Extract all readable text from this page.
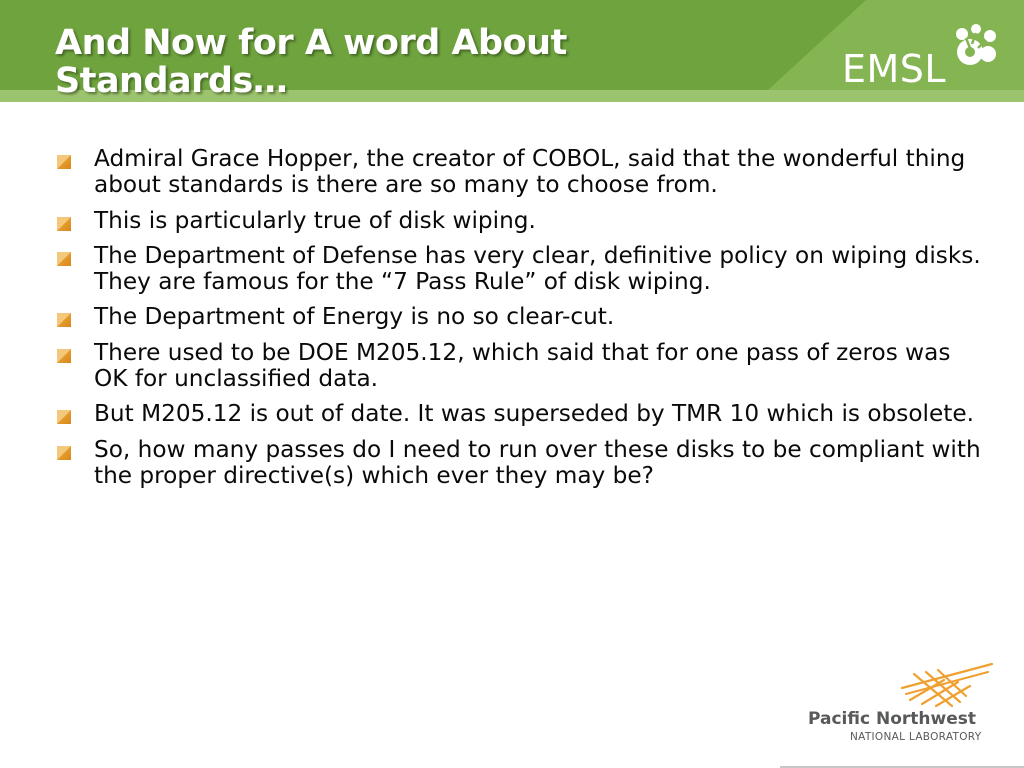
And Now for A word About
Standards…	EMSL
Admiral Grace Hopper, the creator of COBOL, said that the wonderful thing about standards is there are so many to choose from.
This is particularly true of disk wiping.
The Department of Defense has very clear, definitive policy on wiping disks. They are famous for the “7 Pass Rule” of disk wiping.
The Department of Energy is no so clear-cut.
There used to be DOE M205.12, which said that for one pass of zeros was OK for unclassified data.
But M205.12 is out of date. It was superseded by TMR 10 which is obsolete.
So, how many passes do I need to run over these disks to be compliant with the proper directive(s) which ever they may be?
Pacific Northwest
NATIONAL LABORATORY
